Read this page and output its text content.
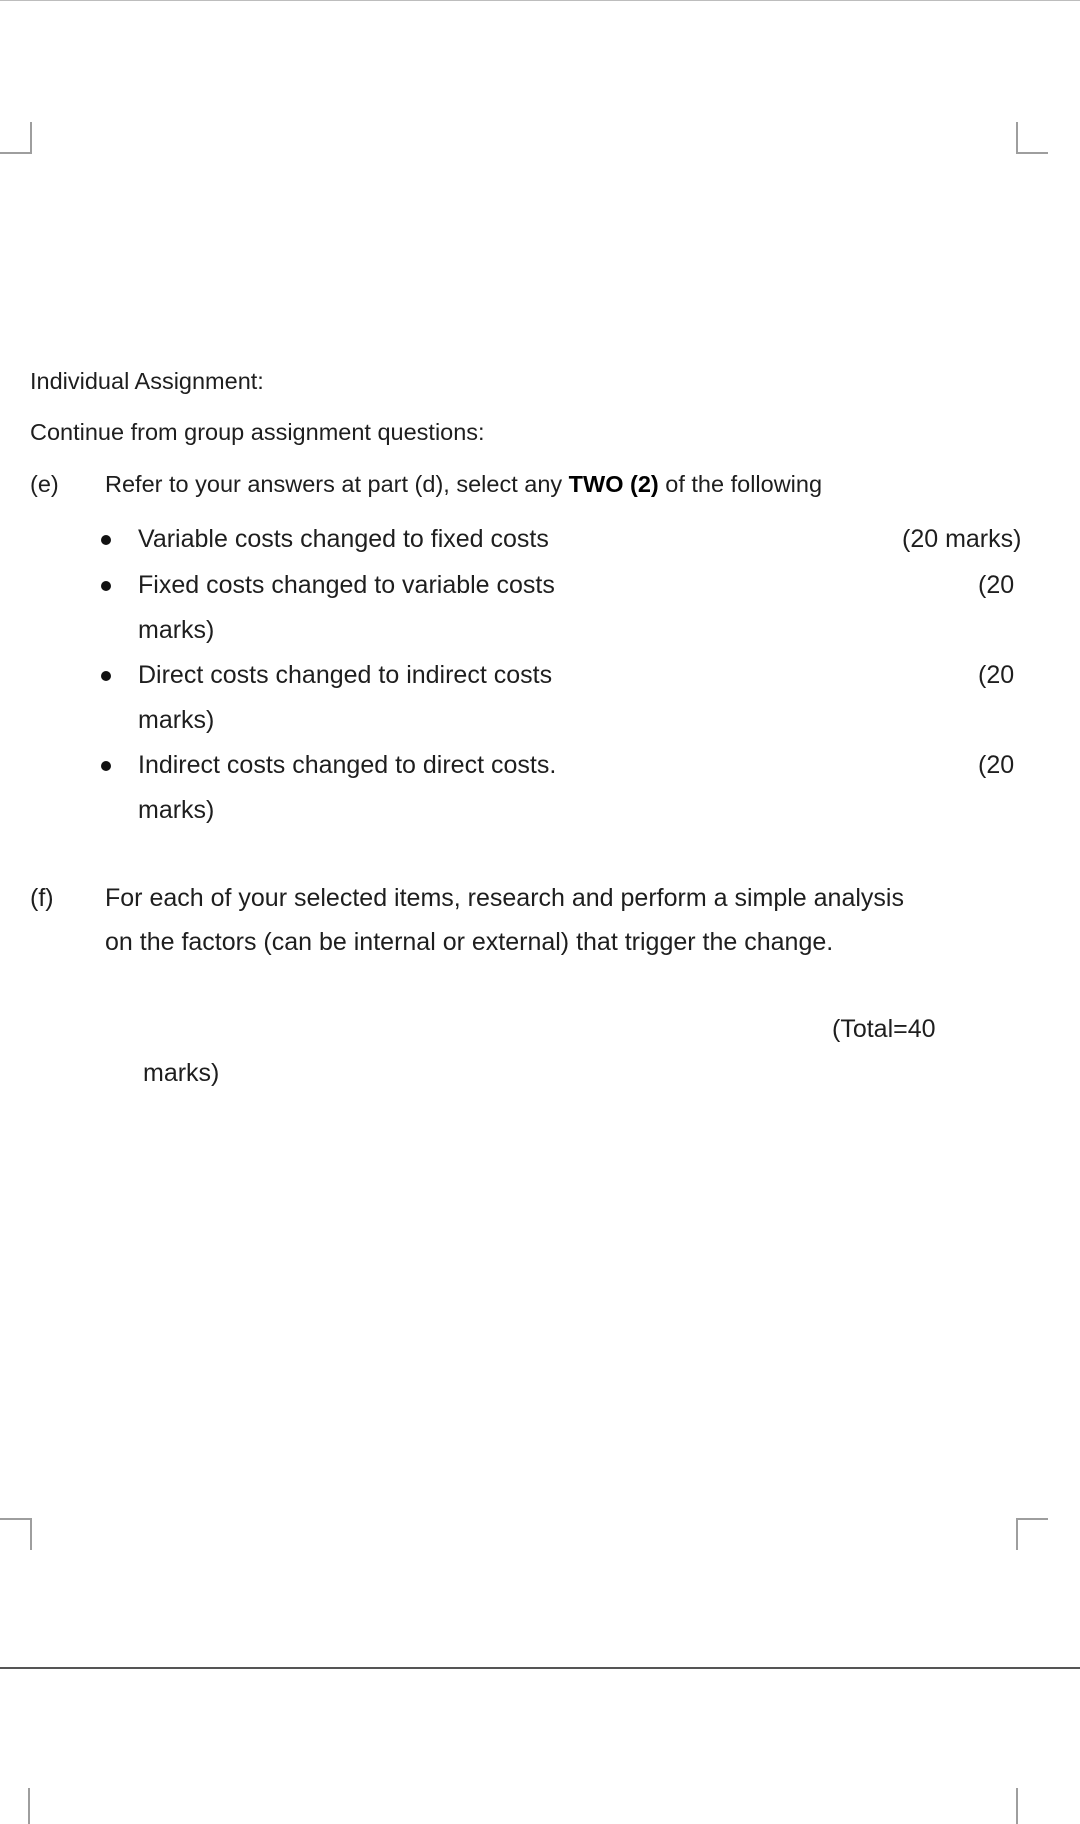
Individual Assignment:
Continue from group assignment questions:
(e) Refer to your answers at part (d), select any TWO (2) of the following
Variable costs changed to fixed costs	(20 marks)
Fixed costs changed to variable costs	(20
marks)
Direct costs changed to indirect costs	(20
marks)
Indirect costs changed to direct costs.	(20
marks)
(f) For each of your selected items, research and perform a simple analysis
on the factors (can be internal or external) that trigger the change.
(Total=40
marks)
